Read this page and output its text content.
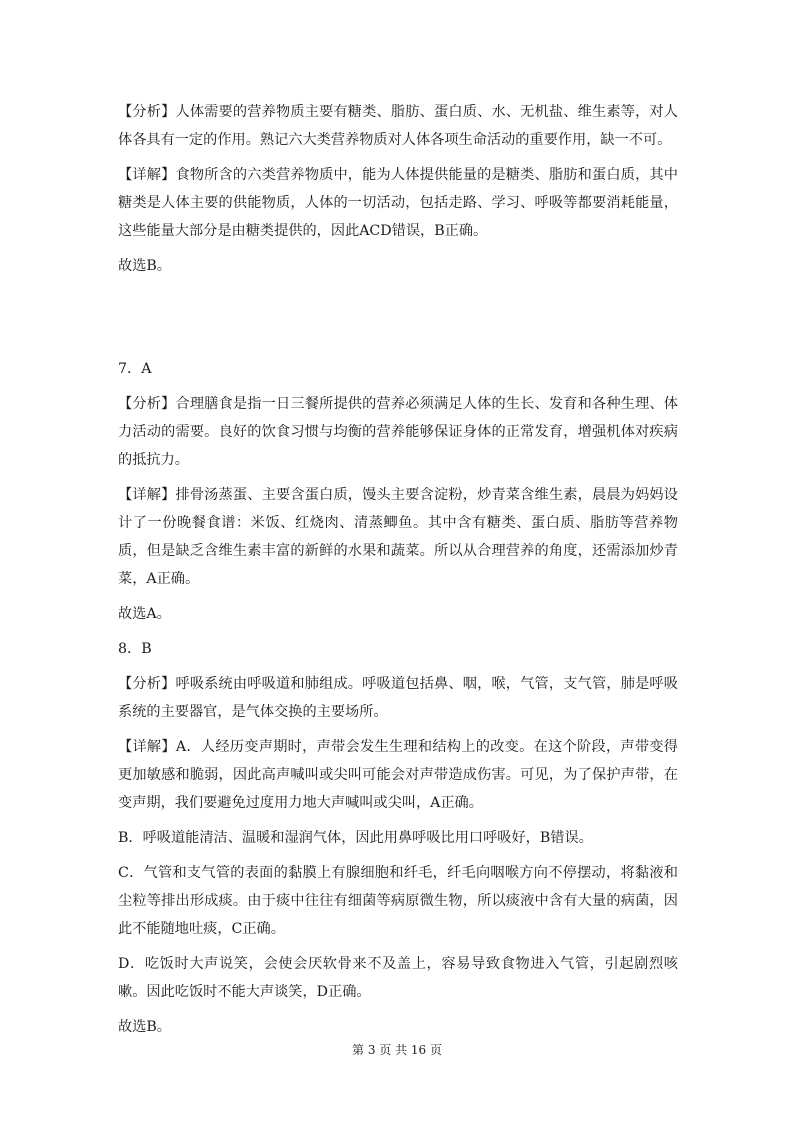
【分析】人体需要的营养物质主要有糖类、脂肪、蛋白质、水、无机盐、维生素等，对人体各具有一定的作用。熟记六大类营养物质对人体各项生命活动的重要作用，缺一不可。

【详解】食物所含的六类营养物质中，能为人体提供能量的是糖类、脂肪和蛋白质，其中糖类是人体主要的供能物质，人体的一切活动，包括走路、学习、呼吸等都要消耗能量，这些能量大部分是由糖类提供的，因此ACD错误，B正确。

故选B。

7．A

【分析】合理膳食是指一日三餐所提供的营养必须满足人体的生长、发育和各种生理、体力活动的需要。良好的饮食习惯与均衡的营养能够保证身体的正常发育，增强机体对疾病的抵抗力。

【详解】排骨汤蒸蛋、主要含蛋白质，馒头主要含淀粉，炒青菜含维生素，晨晨为妈妈设计了一份晚餐食谱：米饭、红烧肉、清蒸鲫鱼。其中含有糖类、蛋白质、脂肪等营养物质，但是缺乏含维生素丰富的新鲜的水果和蔬菜。所以从合理营养的角度，还需添加炒青菜，A正确。

故选A。

8．B

【分析】呼吸系统由呼吸道和肺组成。呼吸道包括鼻、咽，喉，气管，支气管，肺是呼吸系统的主要器官，是气体交换的主要场所。

【详解】A．人经历变声期时，声带会发生生理和结构上的改变。在这个阶段，声带变得更加敏感和脆弱，因此高声喊叫或尖叫可能会对声带造成伤害。可见，为了保护声带，在变声期，我们要避免过度用力地大声喊叫或尖叫，A正确。

B．呼吸道能清洁、温暖和湿润气体，因此用鼻呼吸比用口呼吸好，B错误。

C．气管和支气管的表面的黏膜上有腺细胞和纤毛，纤毛向咽喉方向不停摆动，将黏液和尘粒等排出形成痰。由于痰中往往有细菌等病原微生物，所以痰液中含有大量的病菌，因此不能随地吐痰，C正确。

D．吃饭时大声说笑，会使会厌软骨来不及盖上，容易导致食物进入气管，引起剧烈咳嗽。因此吃饭时不能大声谈笑，D正确。

故选B。

第 3 页 共 16 页
